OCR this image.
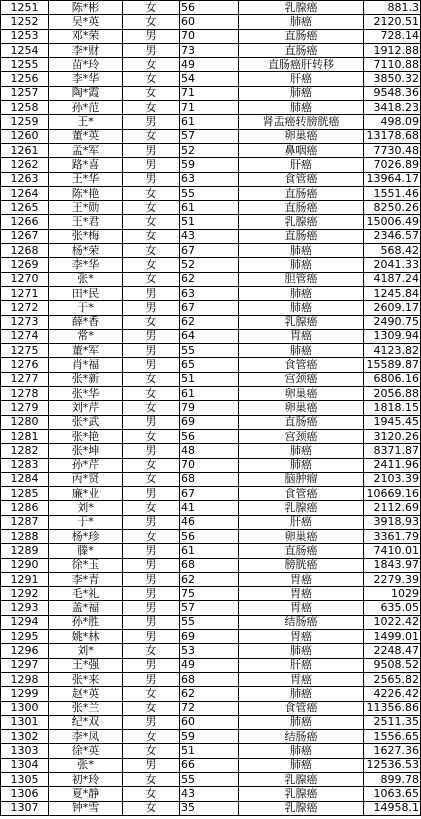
1251	陈*彬	女	56	乳腺癌	881.3
1252	吴*英	女	60	肺癌	2120.51
1253	邓*荣	男	70	直肠癌	728.14
1254	李*财	男	73	直肠癌	1912.88
1255	苗*玲	女	49	直肠癌肝转移	7110.88
1256	李*华	女	54	肝癌	3850.32
1257	陶*霞	女	71	肺癌	9548.36
1258	孙*范	女	71	肺癌	3418.23
1259	王*	男	61	肾盂癌转膀胱癌	498.09
1260	董*英	女	57	卵巢癌	13178.68
1261	孟*军	男	52	鼻咽癌	7730.48
1262	路*喜	男	59	肝癌	7026.89
1263	王*华	男	63	食管癌	13964.17
1264	陈*艳	女	55	直肠癌	1551.46
1265	王*勋	女	61	直肠癌	8250.26
1266	王*君	女	51	乳腺癌	15006.49
1267	张*梅	女	43	直肠癌	2346.57
1268	杨*荣	女	67	肺癌	568.42
1269	李*华	女	52	肺癌	2041.33
1270	张*	女	62	胆管癌	4187.24
1271	田*民	男	63	肺癌	1245.84
1272	于*	男	67	肺癌	2609.17
1273	薛*香	女	62	乳腺癌	2490.75
1274	常*	男	64	胃癌	1309.94
1275	董*军	男	55	肺癌	4123.82
1276	肖*福	男	65	食管癌	15589.87
1277	张*新	女	51	宫颈癌	6806.16
1278	张*华	女	61	卵巢癌	2056.88
1279	刘*芹	女	79	卵巢癌	1818.15
1280	张*武	男	69	直肠癌	1945.45
1281	张*艳	女	56	宫颈癌	3120.26
1282	张*坤	男	48	肺癌	8371.87
1283	孙*芹	女	70	肺癌	2411.96
1284	丙*贤	女	68	脑肿瘤	2103.39
1285	廉*业	男	67	食管癌	10669.16
1286	刘*	女	41	乳腺癌	2112.69
1287	于*	男	46	肝癌	3918.93
1288	杨*珍	女	56	卵巢癌	3361.79
1289	滕*	男	61	直肠癌	7410.01
1290	徐*玉	男	68	膀胱癌	1843.97
1291	李*青	男	62	胃癌	2279.39
1292	毛*礼	男	75	胃癌	1029
1293	盖*福	男	57	胃癌	635.05
1294	孙*胜	男	55	结肠癌	1022.42
1295	姚*林	男	69	胃癌	1499.01
1296	刘*	女	53	肺癌	2248.47
1297	王*强	男	49	肝癌	9508.52
1298	张*来	男	68	胃癌	2565.82
1299	赵*英	女	62	肺癌	4226.42
1300	张*兰	女	72	食管癌	11356.86
1301	纪*双	男	60	肺癌	2511.35
1302	李*凤	女	59	结肠癌	1556.65
1303	徐*英	女	51	肺癌	1627.36
1304	张*	男	66	肺癌	12536.53
1305	初*玲	女	55	乳腺癌	899.78
1306	夏*静	女	43	乳腺癌	1063.65
1307	钟*雪	女	35	乳腺癌	14958.1
